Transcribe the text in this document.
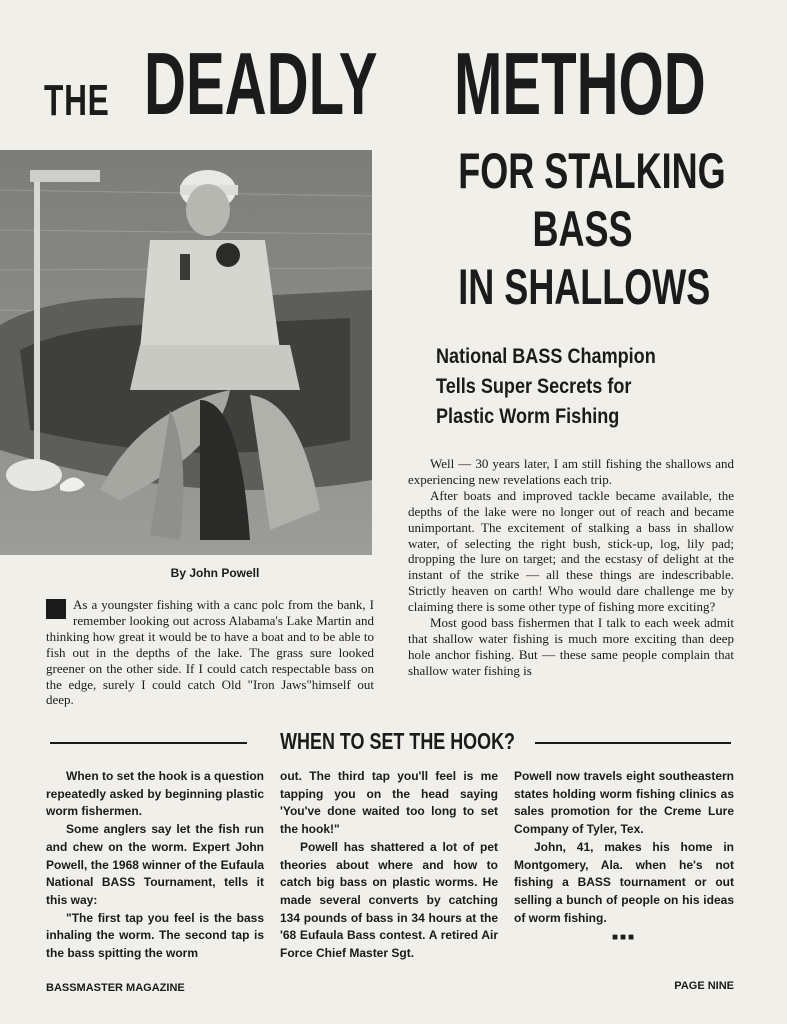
THE DEADLY METHOD
FOR STALKING
BASS
IN SHALLOWS
National BASS Champion
Tells Super Secrets for
Plastic Worm Fishing
By John Powell

As a youngster fishing with a canc polc from the bank, I remember looking out across Alabama's Lake Martin and thinking how great it would be to have a boat and to be able to fish out in the depths of the lake. The grass sure looked greener on the other side. If I could catch respectable bass on the edge, surely I could catch Old "Iron Jaws"himself out deep.

Well — 30 years later, I am still fishing the shallows and experiencing new revelations each trip.

After boats and improved tackle became available, the depths of the lake were no longer out of reach and became unimportant. The excitement of stalking a bass in shallow water, of selecting the right bush, stick-up, log, lily pad; dropping the lure on target; and the ecstasy of delight at the instant of the strike — all these things are indescribable. Strictly heaven on carth! Who would dare challenge me by claiming there is some other type of fishing more exciting?

Most good bass fishermen that I talk to each week admit that shallow water fishing is much more exciting than deep hole anchor fishing. But — these same people complain that shallow water fishing is

WHEN TO SET THE HOOK?

When to set the hook is a question repeatedly asked by beginning plastic worm fishermen.

Some anglers say let the fish run and chew on the worm. Expert John Powell, the 1968 winner of the Eufaula National BASS Tournament, tells it this way:

"The first tap you feel is the bass inhaling the worm. The second tap is the bass spitting the worm

out. The third tap you'll feel is me tapping you on the head saying 'You've done waited too long to set the hook!"

Powell has shattered a lot of pet theories about where and how to catch big bass on plastic worms. He made several converts by catching 134 pounds of bass in 34 hours at the '68 Eufaula Bass contest. A retired Air Force Chief Master Sgt.

Powell now travels eight southeastern states holding worm fishing clinics as sales promotion for the Creme Lure Company of Tyler, Tex.

John, 41, makes his home in Montgomery, Ala. when he's not fishing a BASS tournament or out selling a bunch of people on his ideas of worm fishing.

■■■
BASSMASTER MAGAZINE	PAGE NINE
